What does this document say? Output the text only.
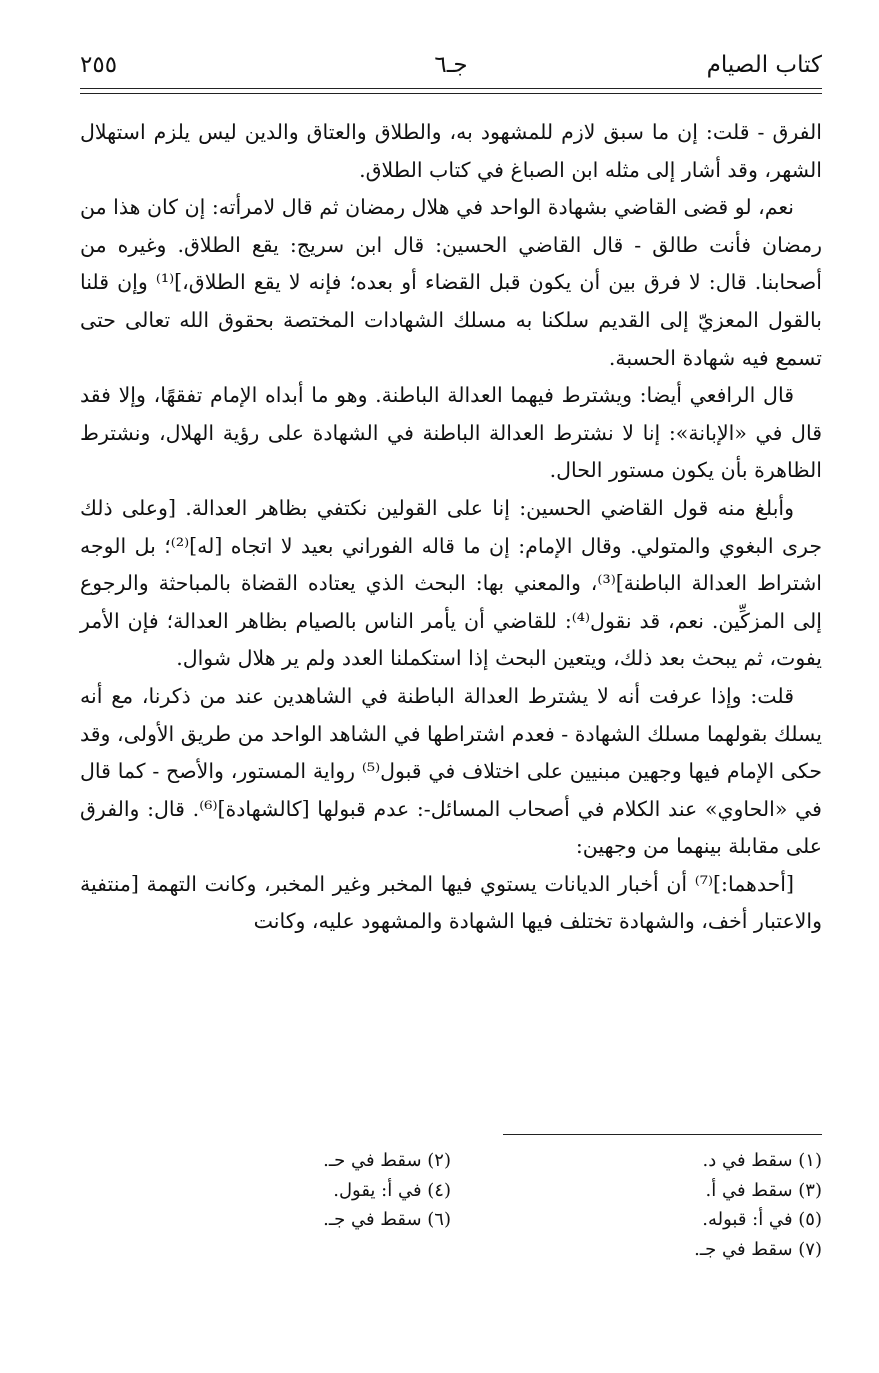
كتاب الصيام
جـ٦
٢٥٥

الفرق - قلت: إن ما سبق لازم للمشهود به، والطلاق والعتاق والدين ليس يلزم استهلال الشهر، وقد أشار إلى مثله ابن الصباغ في كتاب الطلاق.

نعم، لو قضى القاضي بشهادة الواحد في هلال رمضان ثم قال لامرأته: إن كان هذا من رمضان فأنت طالق - قال القاضي الحسين: قال ابن سريج: يقع الطلاق. وغيره من أصحابنا. قال: لا فرق بين أن يكون قبل القضاء أو بعده؛ فإنه لا يقع الطلاق،]⁽¹⁾ وإن قلنا بالقول المعزيّ إلى القديم سلكنا به مسلك الشهادات المختصة بحقوق الله تعالى حتى تسمع فيه شهادة الحسبة.

قال الرافعي أيضا: ويشترط فيهما العدالة الباطنة. وهو ما أبداه الإمام تفقهًا، وإلا فقد قال في «الإبانة»: إنا لا نشترط العدالة الباطنة في الشهادة على رؤية الهلال، ونشترط الظاهرة بأن يكون مستور الحال.

وأبلغ منه قول القاضي الحسين: إنا على القولين نكتفي بظاهر العدالة. [وعلى ذلك جرى البغوي والمتولي. وقال الإمام: إن ما قاله الفوراني بعيد لا اتجاه [له]⁽²⁾؛ بل الوجه اشتراط العدالة الباطنة]⁽³⁾، والمعني بها: البحث الذي يعتاده القضاة بالمباحثة والرجوع إلى المزكِّين. نعم، قد نقول⁽⁴⁾: للقاضي أن يأمر الناس بالصيام بظاهر العدالة؛ فإن الأمر يفوت، ثم يبحث بعد ذلك، ويتعين البحث إذا استكملنا العدد ولم ير هلال شوال.

قلت: وإذا عرفت أنه لا يشترط العدالة الباطنة في الشاهدين عند من ذكرنا، مع أنه يسلك بقولهما مسلك الشهادة - فعدم اشتراطها في الشاهد الواحد من طريق الأولى، وقد حكى الإمام فيها وجهين مبنيين على اختلاف في قبول⁽⁵⁾ رواية المستور، والأصح - كما قال في «الحاوي» عند الكلام في أصحاب المسائل-: عدم قبولها [كالشهادة]⁽⁶⁾. قال: والفرق على مقابلة بينهما من وجهين:

[أحدهما:]⁽⁷⁾ أن أخبار الديانات يستوي فيها المخبر وغير المخبر، وكانت التهمة [منتفية والاعتبار أخف، والشهادة تختلف فيها الشهادة والمشهود عليه، وكانت

(١) سقط في د.
(٢) سقط في حـ.
(٣) سقط في أ.
(٤) في أ: يقول.
(٥) في أ: قبوله.
(٦) سقط في جـ.
(٧) سقط في جـ.
